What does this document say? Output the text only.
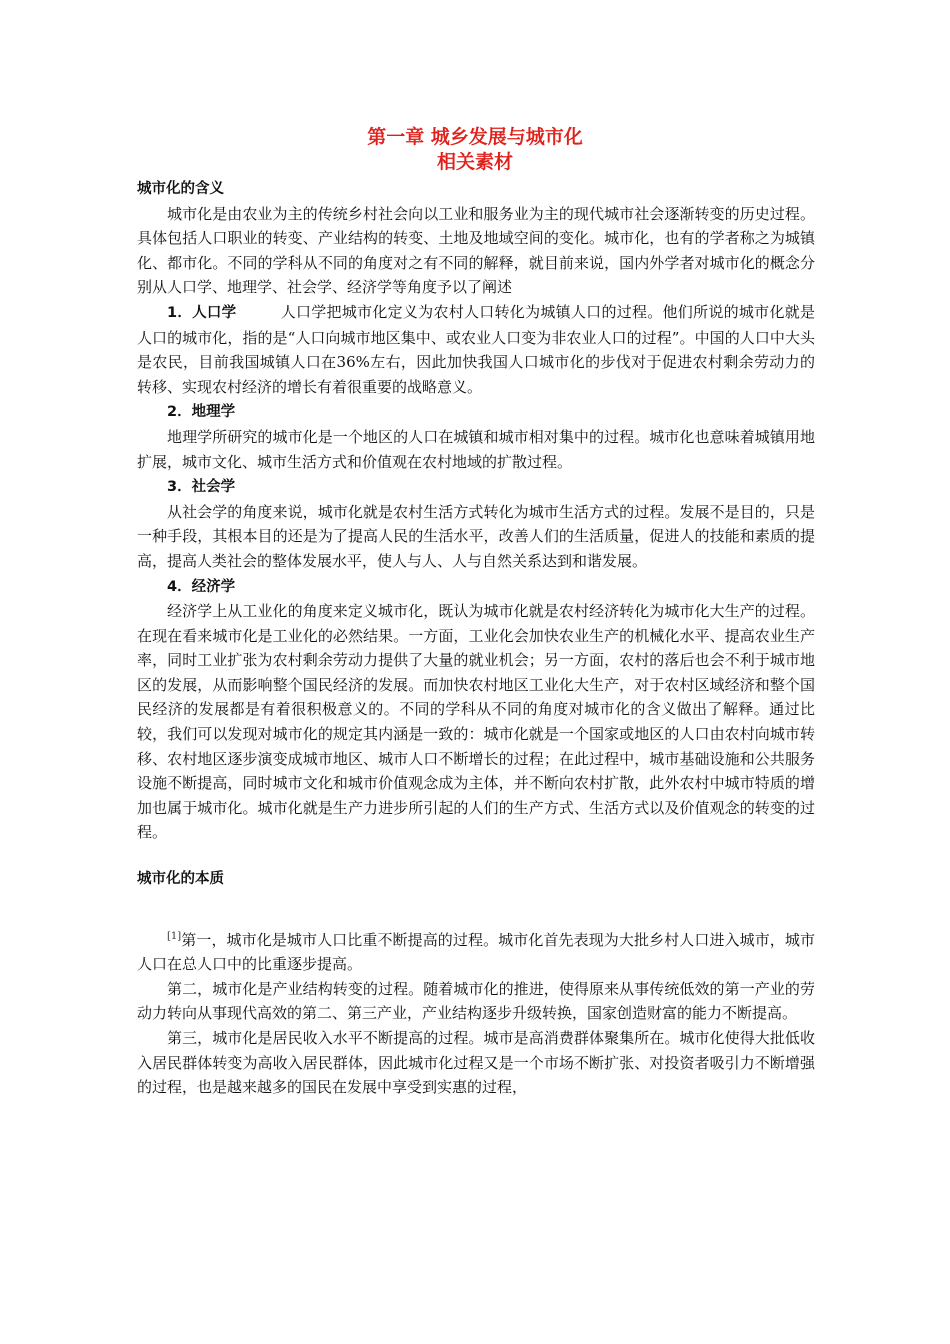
第一章 城乡发展与城市化
相关素材

城市化的含义

城市化是由农业为主的传统乡村社会向以工业和服务业为主的现代城市社会逐渐转变的历史过程。具体包括人口职业的转变、产业结构的转变、土地及地域空间的变化。城市化，也有的学者称之为城镇化、都市化。不同的学科从不同的角度对之有不同的解释，就目前来说，国内外学者对城市化的概念分别从人口学、地理学、社会学、经济学等角度予以了阐述

1．人口学	人口学把城市化定义为农村人口转化为城镇人口的过程。他们所说的城市化就是人口的城市化，指的是“人口向城市地区集中、或农业人口变为非农业人口的过程”。中国的人口中大头是农民，目前我国城镇人口在36%左右，因此加快我国人口城市化的步伐对于促进农村剩余劳动力的转移、实现农村经济的增长有着很重要的战略意义。

2．地理学

地理学所研究的城市化是一个地区的人口在城镇和城市相对集中的过程。城市化也意味着城镇用地扩展，城市文化、城市生活方式和价值观在农村地域的扩散过程。

3．社会学

从社会学的角度来说，城市化就是农村生活方式转化为城市生活方式的过程。发展不是目的，只是一种手段，其根本目的还是为了提高人民的生活水平，改善人们的生活质量，促进人的技能和素质的提高，提高人类社会的整体发展水平，使人与人、人与自然关系达到和谐发展。

4．经济学

经济学上从工业化的角度来定义城市化，既认为城市化就是农村经济转化为城市化大生产的过程。在现在看来城市化是工业化的必然结果。一方面，工业化会加快农业生产的机械化水平、提高农业生产率，同时工业扩张为农村剩余劳动力提供了大量的就业机会；另一方面，农村的落后也会不利于城市地区的发展，从而影响整个国民经济的发展。而加快农村地区工业化大生产，对于农村区域经济和整个国民经济的发展都是有着很积极意义的。不同的学科从不同的角度对城市化的含义做出了解释。通过比较，我们可以发现对城市化的规定其内涵是一致的：城市化就是一个国家或地区的人口由农村向城市转移、农村地区逐步演变成城市地区、城市人口不断增长的过程；在此过程中，城市基础设施和公共服务设施不断提高，同时城市文化和城市价值观念成为主体，并不断向农村扩散，此外农村中城市特质的增加也属于城市化。城市化就是生产力进步所引起的人们的生产方式、生活方式以及价值观念的转变的过程。

城市化的本质

[1]第一，城市化是城市人口比重不断提高的过程。城市化首先表现为大批乡村人口进入城市，城市人口在总人口中的比重逐步提高。

第二，城市化是产业结构转变的过程。随着城市化的推进，使得原来从事传统低效的第一产业的劳动力转向从事现代高效的第二、第三产业，产业结构逐步升级转换，国家创造财富的能力不断提高。

第三，城市化是居民收入水平不断提高的过程。城市是高消费群体聚集所在。城市化使得大批低收入居民群体转变为高收入居民群体，因此城市化过程又是一个市场不断扩张、对投资者吸引力不断增强的过程，也是越来越多的国民在发展中享受到实惠的过程，
